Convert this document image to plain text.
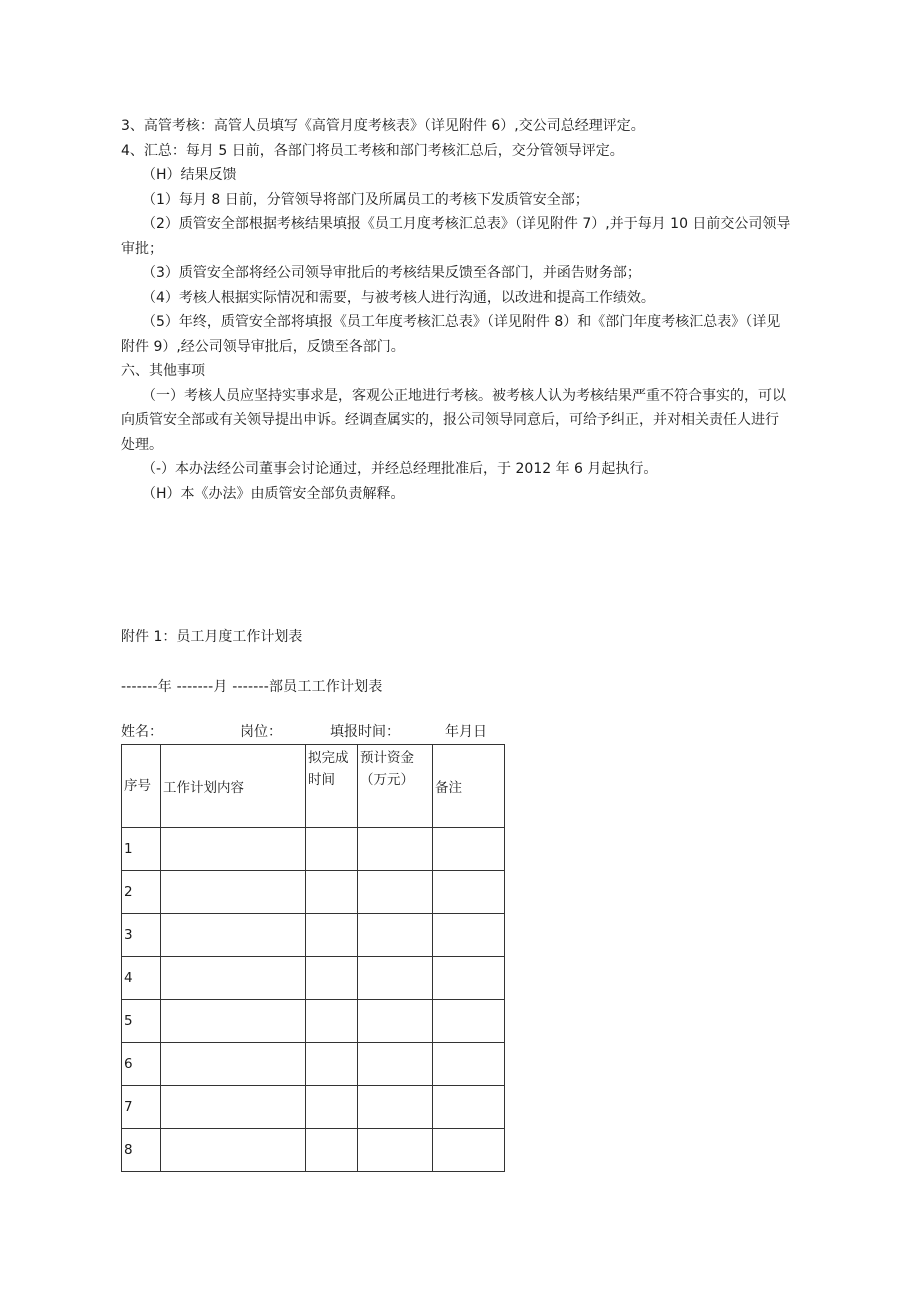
3、高管考核：高管人员填写《高管月度考核表》（详见附件 6）,交公司总经理评定。
4、汇总：每月 5 日前，各部门将员工考核和部门考核汇总后，交分管领导评定。
（H）结果反馈
（1）每月 8 日前，分管领导将部门及所属员工的考核下发质管安全部；
（2）质管安全部根据考核结果填报《员工月度考核汇总表》（详见附件 7）,并于每月 10 日前交公司领导审批；
（3）质管安全部将经公司领导审批后的考核结果反馈至各部门，并函告财务部；
（4）考核人根据实际情况和需要，与被考核人进行沟通，以改进和提高工作绩效。
（5）年终，质管安全部将填报《员工年度考核汇总表》（详见附件 8）和《部门年度考核汇总表》（详见附件 9）,经公司领导审批后，反馈至各部门。
六、其他事项
（一）考核人员应坚持实事求是，客观公正地进行考核。被考核人认为考核结果严重不符合事实的，可以向质管安全部或有关领导提出申诉。经调查属实的，报公司领导同意后，可给予纠正，并对相关责任人进行处理。
（-）本办法经公司董事会讨论通过，并经总经理批准后，于 2012 年 6 月起执行。
（H）本《办法》由质管安全部负责解释。
附件 1：员工月度工作计划表
-------年 -------月 -------部员工工作计划表
姓名：	岗位：	填报时间：	年月日
序号	工作计划内容	拟完成时间	预计资金（万元）	备注
1				
2				
3				
4				
5				
6				
7				
8				
